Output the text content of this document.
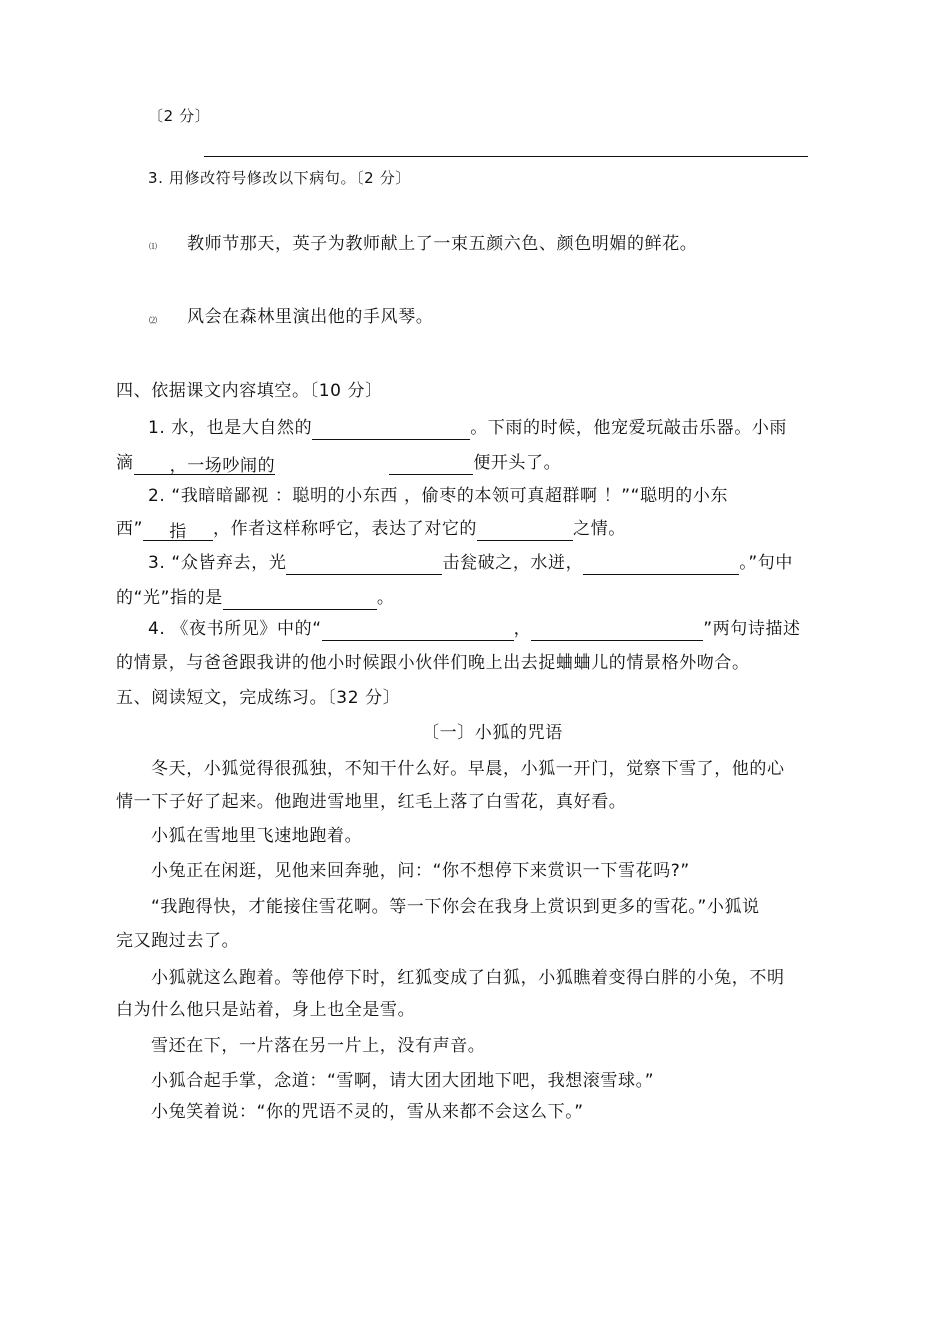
〔2 分〕
3. 用修改符号修改以下病句。〔2 分〕
⑴ 教师节那天，英子为教师献上了一束五颜六色、颜色明媚的鲜花。
⑵ 风会在森林里演出他的手风琴。
四、依据课文内容填空。〔10 分〕
1. 水，也是大自然的	。下雨的时候，他宠爱玩敲击乐器。小雨
滴 ，一场吵闹的	便开头了。
2. “我暗暗鄙视 ：聪明的小东西 ，偷枣的本领可真超群啊 ！”“聪明的小东
西” 指 ，作者这样称呼它，表达了对它的	之情。
3. “众皆弃去，光	击瓮破之，水迸，	。”句中
的“光”指的是	。
4. 《夜书所见》中的“	，	”两句诗描述
的情景，与爸爸跟我讲的他小时候跟小伙伴们晚上出去捉蛐蛐儿的情景格外吻合。
五、阅读短文，完成练习。〔32 分〕
〔一〕小狐的咒语
冬天，小狐觉得很孤独，不知干什么好。早晨，小狐一开门，觉察下雪了，他的心
情一下子好了起来。他跑进雪地里，红毛上落了白雪花，真好看。
小狐在雪地里飞速地跑着。
小兔正在闲逛，见他来回奔驰，问：“你不想停下来赏识一下雪花吗?”
“我跑得快，才能接住雪花啊。等一下你会在我身上赏识到更多的雪花。”小狐说
完又跑过去了。
小狐就这么跑着。等他停下时，红狐变成了白狐，小狐瞧着变得白胖的小兔，不明
白为什么他只是站着，身上也全是雪。
雪还在下，一片落在另一片上，没有声音。
小狐合起手掌，念道：“雪啊，请大团大团地下吧，我想滚雪球。”
小兔笑着说：“你的咒语不灵的，雪从来都不会这么下。”
